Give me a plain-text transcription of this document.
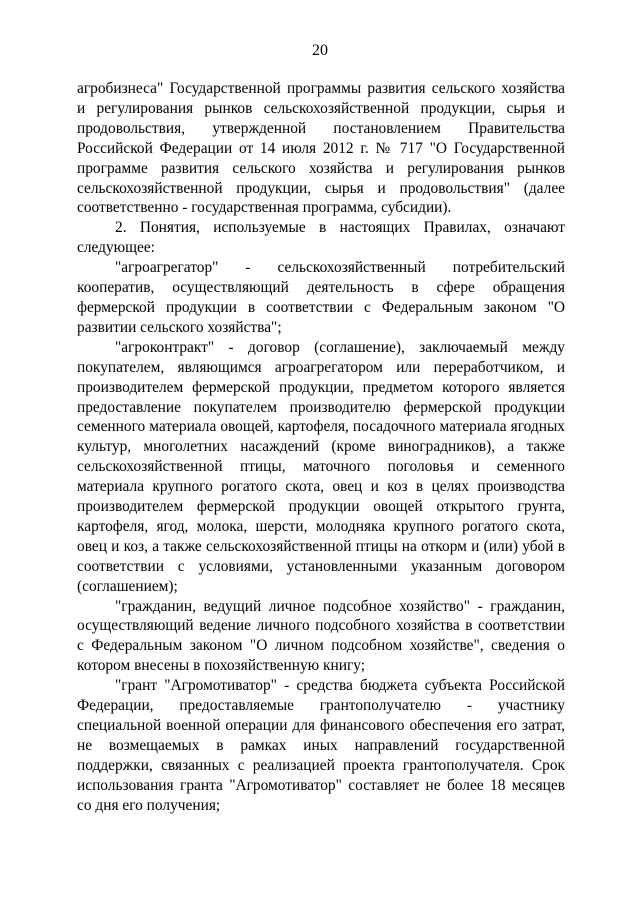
20

агробизнеса" Государственной программы развития сельского хозяйства и регулирования рынков сельскохозяйственной продукции, сырья и продовольствия, утвержденной постановлением Правительства Российской Федерации от 14 июля 2012 г. № 717 "О Государственной программе развития сельского хозяйства и регулирования рынков сельскохозяйственной продукции, сырья и продовольствия" (далее соответственно - государственная программа, субсидии).

2. Понятия, используемые в настоящих Правилах, означают следующее:

"агроагрегатор" - сельскохозяйственный потребительский кооператив, осуществляющий деятельность в сфере обращения фермерской продукции в соответствии с Федеральным законом "О развитии сельского хозяйства";

"агроконтракт" - договор (соглашение), заключаемый между покупателем, являющимся агроагрегатором или переработчиком, и производителем фермерской продукции, предметом которого является предоставление покупателем производителю фермерской продукции семенного материала овощей, картофеля, посадочного материала ягодных культур, многолетних насаждений (кроме виноградников), а также сельскохозяйственной птицы, маточного поголовья и семенного материала крупного рогатого скота, овец и коз в целях производства производителем фермерской продукции овощей открытого грунта, картофеля, ягод, молока, шерсти, молодняка крупного рогатого скота, овец и коз, а также сельскохозяйственной птицы на откорм и (или) убой в соответствии с условиями, установленными указанным договором (соглашением);

"гражданин, ведущий личное подсобное хозяйство" - гражданин, осуществляющий ведение личного подсобного хозяйства в соответствии с Федеральным законом "О личном подсобном хозяйстве", сведения о котором внесены в похозяйственную книгу;

"грант "Агромотиватор" - средства бюджета субъекта Российской Федерации, предоставляемые грантополучателю - участнику специальной военной операции для финансового обеспечения его затрат, не возмещаемых в рамках иных направлений государственной поддержки, связанных с реализацией проекта грантополучателя. Срок использования гранта "Агромотиватор" составляет не более 18 месяцев со дня его получения;
